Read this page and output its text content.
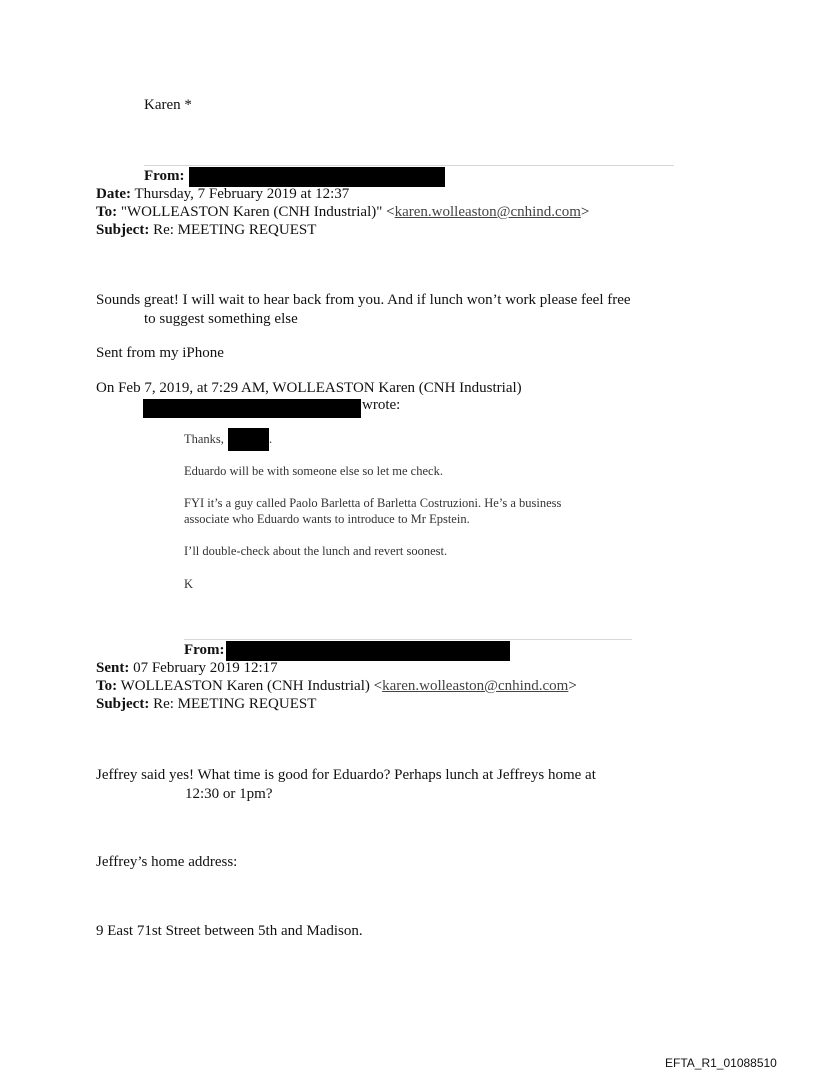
Karen *
From:
Date: Thursday, 7 February 2019 at 12:37
To: "WOLLEASTON Karen (CNH Industrial)" <karen.wolleaston@cnhind.com>
Subject: Re: MEETING REQUEST
Sounds great! I will wait to hear back from you. And if lunch won’t work please feel free
to suggest something else
Sent from my iPhone
On Feb 7, 2019, at 7:29 AM, WOLLEASTON Karen (CNH Industrial)
wrote:
Thanks,	.
Eduardo will be with someone else so let me check.
FYI it’s a guy called Paolo Barletta of Barletta Costruzioni. He’s a business
associate who Eduardo wants to introduce to Mr Epstein.
I’ll double-check about the lunch and revert soonest.
K
From:
Sent: 07 February 2019 12:17
To: WOLLEASTON Karen (CNH Industrial) <karen.wolleaston@cnhind.com>
Subject: Re: MEETING REQUEST
Jeffrey said yes! What time is good for Eduardo? Perhaps lunch at Jeffreys home at
12:30 or 1pm?
Jeffrey’s home address:
9 East 71st Street between 5th and Madison.
EFTA_R1_01088510
